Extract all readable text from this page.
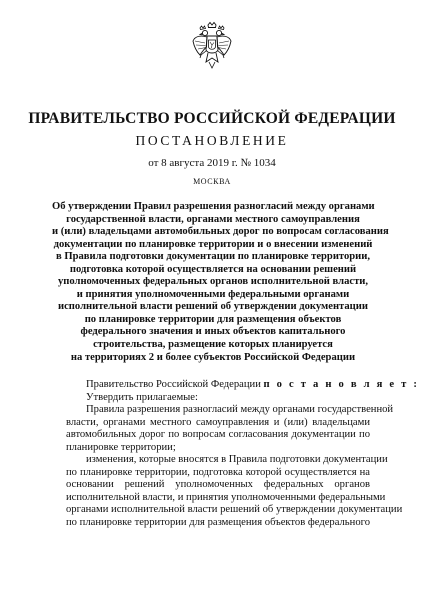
ПРАВИТЕЛЬСТВО РОССИЙСКОЙ ФЕДЕРАЦИИ
ПОСТАНОВЛЕНИЕ
от 8 августа 2019 г. № 1034
МОСКВА
Об утверждении Правил разрешения разногласий между органами
государственной власти, органами местного самоуправления
и (или) владельцами автомобильных дорог по вопросам согласования
документации по планировке территории и о внесении изменений
в Правила подготовки документации по планировке территории,
подготовка которой осуществляется на основании решений
уполномоченных федеральных органов исполнительной власти,
и принятия уполномоченными федеральными органами
исполнительной власти решений об утверждении документации
по планировке территории для размещения объектов
федерального значения и иных объектов капитального
строительства, размещение которых планируется
на территориях 2 и более субъектов Российской Федерации
Правительство Российской Федерации п о с т а н о в л я е т :
Утвердить прилагаемые:
Правила разрешения разногласий между органами государственной
власти, органами местного самоуправления и (или) владельцами
автомобильных дорог по вопросам согласования документации по
планировке территории;
изменения, которые вносятся в Правила подготовки документации
по планировке территории, подготовка которой осуществляется на
основании решений уполномоченных федеральных органов
исполнительной власти, и принятия уполномоченными федеральными
органами исполнительной власти решений об утверждении документации
по планировке территории для размещения объектов федерального
